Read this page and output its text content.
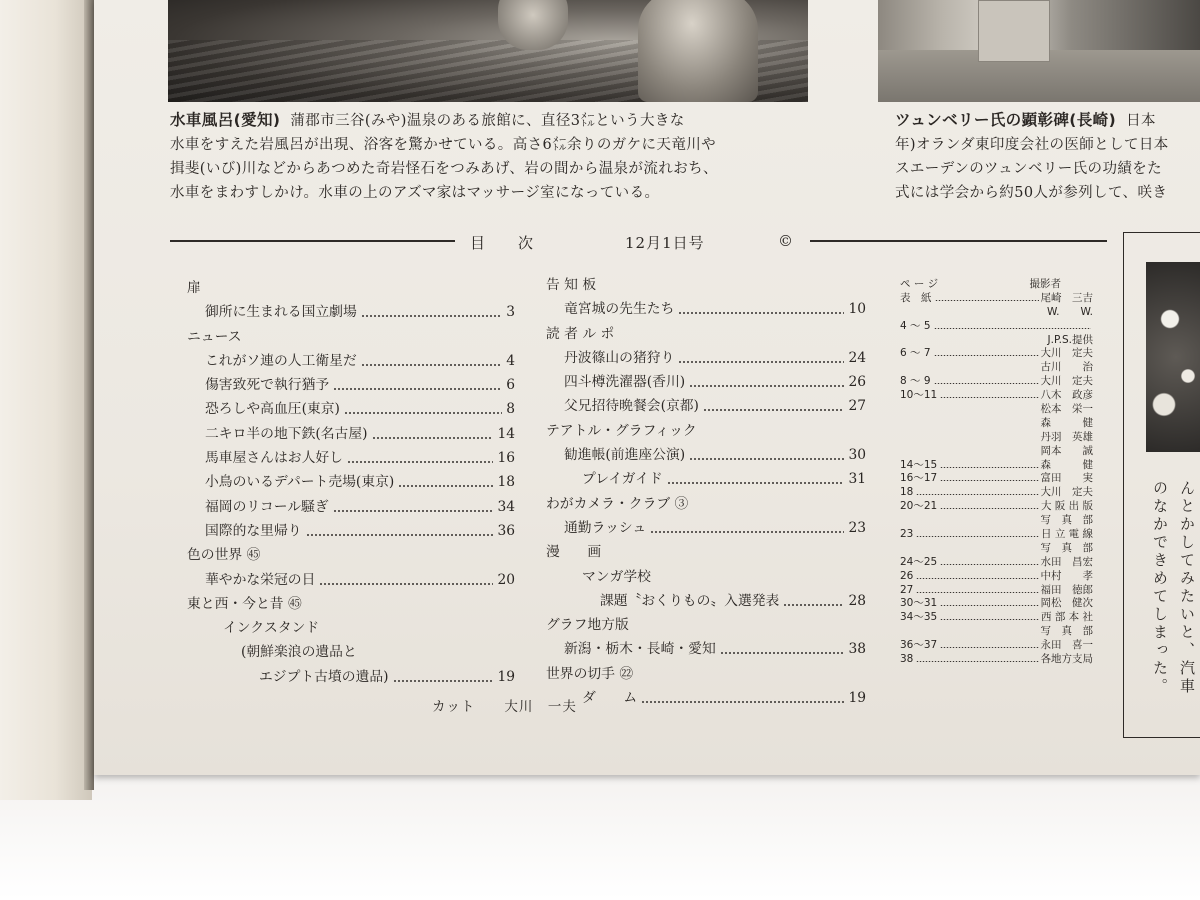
水車風呂(愛知) 蒲郡市三谷(みや)温泉のある旅館に、直径3㍍という大きな
水車をすえた岩風呂が出現、浴客を驚かせている。高さ6㍍余りのガケに天竜川や
揖斐(いび)川などからあつめた奇岩怪石をつみあげ、岩の間から温泉が流れおち、
水車をまわすしかけ。水車の上のアズマ家はマッサージ室になっている。
ツュンベリー氏の顕彰碑(長崎) 日本
年)オランダ東印度会社の医師として日本
スエーデンのツュンベリー氏の功績をた
式には学会から約50人が参列して、咲き
目　　次	12月1日号	©
扉
御所に生まれる国立劇場	3
ニュース
これがソ連の人工衛星だ	4
傷害致死で執行猶予	6
恐ろしや高血圧(東京)	8
二キロ半の地下鉄(名古屋)	14
馬車屋さんはお人好し	16
小鳥のいるデパート売場(東京)	18
福岡のリコール騒ぎ	34
国際的な里帰り	36
色の世界 ㊺
華やかな栄冠の日	20
東と西・今と昔 ㊺
インクスタンド
(朝鮮楽浪の遺品と
エジプト古墳の遺品)	19
告 知 板
竜宮城の先生たち	10
読 者 ル ポ
丹波篠山の猪狩り	24
四斗樽洗濯器(香川)	26
父兄招待晩餐会(京都)	27
テアトル・グラフィック
勧進帳(前進座公演)	30
プレイガイド	31
わがカメラ・クラブ ③
通勤ラッシュ	23
漫　　画
マンガ学校
課題〝おくりもの〟入選発表	28
グラフ地方版
新潟・栃木・長崎・愛知	38
世界の切手 ㉒
ダ　　ム	19
ペ ー ジ	撮影者
表　紙	尾崎　三吉
W.　　W.
4 ～ 5
J.P.S.提供
6 ～ 7	大川　定夫
古川　　治
8 ～ 9	大川　定夫
10～11	八木　政彦
松本　栄一
森　　　健
丹羽　英雄
岡本　　誠
14～15	森　　　健
16～17	富田　　実
18	大川　定夫
20～21	大 阪 出 版
写　真　部
23	日 立 電 線
写　真　部
24～25	水田　昌宏
26	中村　　孝
27	福田　徳郎
30～31	岡松　健次
34～35	西 部 本 社
写　真　部
36～37	永田　喜一
38	各地方支局
カット　　大川　一夫
んとかしてみたいと、汽車
のなかできめてしまった。
